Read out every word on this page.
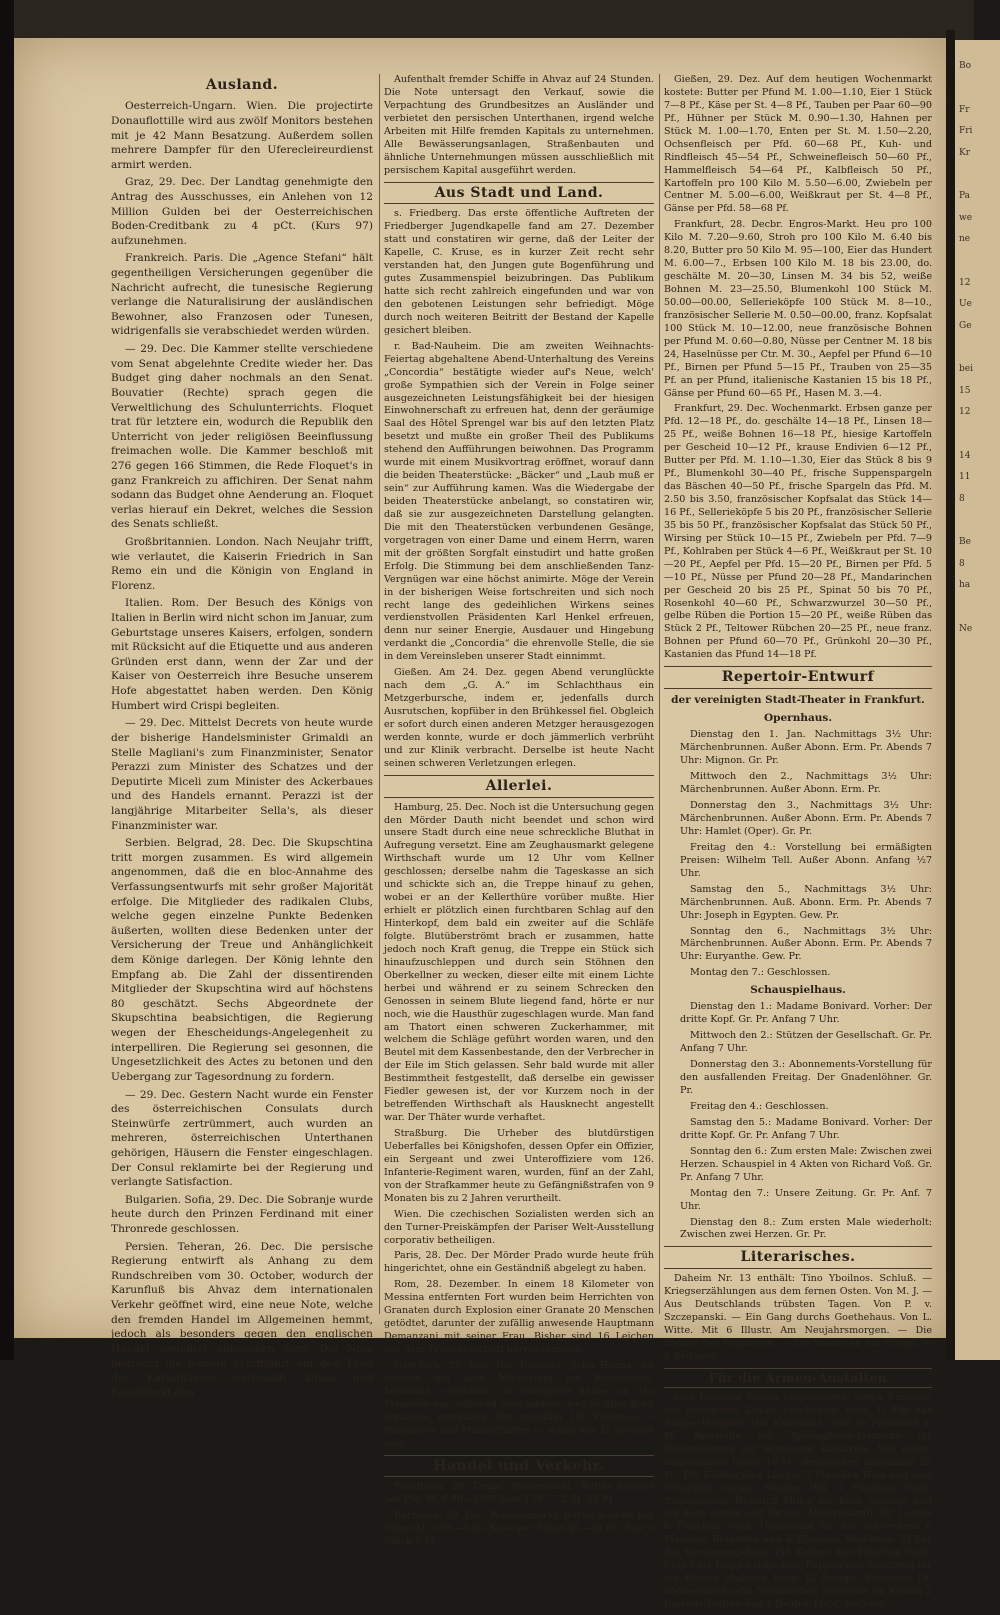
Bo
Fr
Fri
Kr
Pa
we
ne
12
Ue
Ge
bei
15
12
14
11
8
Be
8
ha
Ne
Ausland.

Oesterreich-Ungarn. Wien. Die projectirte Donauflottille wird aus zwölf Monitors bestehen mit je 42 Mann Besatzung. Außerdem sollen mehrere Dampfer für den Uferecleireurdienst armirt werden.

Graz, 29. Dec. Der Landtag genehmigte den Antrag des Ausschusses, ein Anlehen von 12 Million Gulden bei der Oesterreichischen Boden-Creditbank zu 4 pCt. (Kurs 97) aufzunehmen.

Frankreich. Paris. Die „Agence Stefani“ hält gegentheiligen Versicherungen gegenüber die Nachricht aufrecht, die tunesische Regierung verlange die Naturalisirung der ausländischen Bewohner, also Franzosen oder Tunesen, widrigenfalls sie verabschiedet werden würden.

— 29. Dec. Die Kammer stellte verschiedene vom Senat abgelehnte Credite wieder her. Das Budget ging daher nochmals an den Senat. Bouvatier (Rechte) sprach gegen die Verweltlichung des Schulunterrichts. Floquet trat für letztere ein, wodurch die Republik den Unterricht von jeder religiösen Beeinflussung freimachen wolle. Die Kammer beschloß mit 276 gegen 166 Stimmen, die Rede Floquet's in ganz Frankreich zu affichiren. Der Senat nahm sodann das Budget ohne Aenderung an. Floquet verlas hierauf ein Dekret, welches die Session des Senats schließt.

Großbritannien. London. Nach Neujahr trifft, wie verlautet, die Kaiserin Friedrich in San Remo ein und die Königin von England in Florenz.

Italien. Rom. Der Besuch des Königs von Italien in Berlin wird nicht schon im Januar, zum Geburtstage unseres Kaisers, erfolgen, sondern mit Rücksicht auf die Etiquette und aus anderen Gründen erst dann, wenn der Zar und der Kaiser von Oesterreich ihre Besuche unserem Hofe abgestattet haben werden. Den König Humbert wird Crispi begleiten.

— 29. Dec. Mittelst Decrets von heute wurde der bisherige Handelsminister Grimaldi an Stelle Magliani's zum Finanzminister, Senator Perazzi zum Minister des Schatzes und der Deputirte Miceli zum Minister des Ackerbaues und des Handels ernannt. Perazzi ist der langjährige Mitarbeiter Sella's, als dieser Finanzminister war.

Serbien. Belgrad, 28. Dec. Die Skupschtina tritt morgen zusammen. Es wird allgemein angenommen, daß die en bloc-Annahme des Verfassungsentwurfs mit sehr großer Majorität erfolge. Die Mitglieder des radikalen Clubs, welche gegen einzelne Punkte Bedenken äußerten, wollten diese Bedenken unter der Versicherung der Treue und Anhänglichkeit dem Könige darlegen. Der König lehnte den Empfang ab. Die Zahl der dissentirenden Mitglieder der Skupschtina wird auf höchstens 80 geschätzt. Sechs Abgeordnete der Skupschtina beabsichtigen, die Regierung wegen der Ehescheidungs-Angelegenheit zu interpelliren. Die Regierung sei gesonnen, die Ungesetzlichkeit des Actes zu betonen und den Uebergang zur Tagesordnung zu fordern.

— 29. Dec. Gestern Nacht wurde ein Fenster des österreichischen Consulats durch Steinwürfe zertrümmert, auch wurden an mehreren, österreichischen Unterthanen gehörigen, Häusern die Fenster eingeschlagen. Der Consul reklamirte bei der Regierung und verlangte Satisfaction.

Bulgarien. Sofia, 29. Dec. Die Sobranje wurde heute durch den Prinzen Ferdinand mit einer Thronrede geschlossen.

Persien. Teheran, 26. Dec. Die persische Regierung entwirft als Anhang zu dem Rundschreiben vom 30. October, wodurch der Karunfluß bis Ahvaz dem internationalen Verkehr geöffnet wird, eine neue Note, welche den fremden Handel im Allgemeinen hemmt, jedoch als besonders gegen den englischen Handel gerichtet angesehen wird. Die Note begrenzt die fremde Schifffahrt auf den Theil des Karunflusses unterhalb Ahvaz und beschränkt den

Aufenthalt fremder Schiffe in Ahvaz auf 24 Stunden. Die Note untersagt den Verkauf, sowie die Verpachtung des Grundbesitzes an Ausländer und verbietet den persischen Unterthanen, irgend welche Arbeiten mit Hilfe fremden Kapitals zu unternehmen. Alle Bewässerungsanlagen, Straßenbauten und ähnliche Unternehmungen müssen ausschließlich mit persischem Kapital ausgeführt werden.

Aus Stadt und Land.

s. Friedberg. Das erste öffentliche Auftreten der Friedberger Jugendkapelle fand am 27. Dezember statt und constatiren wir gerne, daß der Leiter der Kapelle, C. Kruse, es in kurzer Zeit recht sehr verstanden hat, den Jungen gute Bogenführung und gutes Zusammenspiel beizubringen. Das Publikum hatte sich recht zahlreich eingefunden und war von den gebotenen Leistungen sehr befriedigt. Möge durch noch weiteren Beitritt der Bestand der Kapelle gesichert bleiben.

r. Bad-Nauheim. Die am zweiten Weihnachts-Feiertag abgehaltene Abend-Unterhaltung des Vereins „Concordia“ bestätigte wieder auf's Neue, welch' große Sympathien sich der Verein in Folge seiner ausgezeichneten Leistungsfähigkeit bei der hiesigen Einwohnerschaft zu erfreuen hat, denn der geräumige Saal des Hôtel Sprengel war bis auf den letzten Platz besetzt und mußte ein großer Theil des Publikums stehend den Aufführungen beiwohnen. Das Programm wurde mit einem Musikvortrag eröffnet, worauf dann die beiden Theaterstücke: „Bäcker“ und „Laub muß er sein“ zur Aufführung kamen. Was die Wiedergabe der beiden Theaterstücke anbelangt, so constatiren wir, daß sie zur ausgezeichneten Darstellung gelangten. Die mit den Theaterstücken verbundenen Gesänge, vorgetragen von einer Dame und einem Herrn, waren mit der größten Sorgfalt einstudirt und hatte großen Erfolg. Die Stimmung bei dem anschließenden Tanz-Vergnügen war eine höchst animirte. Möge der Verein in der bisherigen Weise fortschreiten und sich noch recht lange des gedeihlichen Wirkens seines verdienstvollen Präsidenten Karl Henkel erfreuen, denn nur seiner Energie, Ausdauer und Hingebung verdankt die „Concordia“ die ehrenvolle Stelle, die sie in dem Vereinsleben unserer Stadt einnimmt.

Gießen. Am 24. Dez. gegen Abend verunglückte nach dem „G. A.“ im Schlachthaus ein Metzgerbursche, indem er, jedenfalls durch Ausrutschen, kopfüber in den Brühkessel fiel. Obgleich er sofort durch einen anderen Metzger herausgezogen werden konnte, wurde er doch jämmerlich verbrüht und zur Klinik verbracht. Derselbe ist heute Nacht seinen schweren Verletzungen erlegen.

Allerlei.

Hamburg, 25. Dec. Noch ist die Untersuchung gegen den Mörder Dauth nicht beendet und schon wird unsere Stadt durch eine neue schreckliche Bluthat in Aufregung versetzt. Eine am Zeughausmarkt gelegene Wirthschaft wurde um 12 Uhr vom Kellner geschlossen; derselbe nahm die Tageskasse an sich und schickte sich an, die Treppe hinauf zu gehen, wobei er an der Kellerthüre vorüber mußte. Hier erhielt er plötzlich einen furchtbaren Schlag auf den Hinterkopf, dem bald ein zweiter auf die Schläfe folgte. Blutüberströmt brach er zusammen, hatte jedoch noch Kraft genug, die Treppe ein Stück sich hinaufzuschleppen und durch sein Stöhnen den Oberkellner zu wecken, dieser eilte mit einem Lichte herbei und während er zu seinem Schrecken den Genossen in seinem Blute liegend fand, hörte er nur noch, wie die Hausthür zugeschlagen wurde. Man fand am Thatort einen schweren Zuckerhammer, mit welchem die Schläge geführt worden waren, und den Beutel mit dem Kassenbestande, den der Verbrecher in der Eile im Stich gelassen. Sehr bald wurde mit aller Bestimmtheit festgestellt, daß derselbe ein gewisser Fiedler gewesen ist, der vor Kurzem noch in der betreffenden Wirthschaft als Hausknecht angestellt war. Der Thäter wurde verhaftet.

Straßburg. Die Urheber des blutdürstigen Ueberfalles bei Königshofen, dessen Opfer ein Offizier, ein Sergeant und zwei Unteroffiziere vom 126. Infanterie-Regiment waren, wurden, fünf an der Zahl, von der Strafkammer heute zu Gefängnißstrafen von 9 Monaten bis zu 2 Jahren verurtheilt.

Wien. Die czechischen Sozialisten werden sich an den Turner-Preiskämpfen der Pariser Welt-Ausstellung corporativ betheiligen.

Paris, 28. Dec. Der Mörder Prado wurde heute früh hingerichtet, ohne ein Geständniß abgelegt zu haben.

Rom, 28. Dezember. In einem 18 Kilometer von Messina entfernten Fort wurden beim Herrichten von Granaten durch Explosion einer Granate 20 Menschen getödtet, darunter der zufällig anwesende Hauptmann Demanzani mit seiner Frau. Bisher sind 16 Leichen aus dem Trümmerschutt hervorgezogen.

New-York, 25. Dec. Der Dampfer „John Hanna“ ist gestern auf dem Mississippi bei Plaquemins, Louisiana, verbrannt. 30 Passagiere kamen in den Flammen um, während viele andere, welche über Bord sprangen, ertranken. Von ungefähr 100 Personen — Passagiere und Mannschaften — sollen nur 12 gerettet sein.

Handel und Verkehr.

Friedberg, 29. Dezbr. Buttermarkt. Butter kostete per Pfd. M. 0.90—1.00. Eier 1 St. 7, 2 St. 15 Pf.

Butzbach, 29. Dec. Wochenmarkt. Butter kostete per Pfund M. 1.05—0.00, Käse per Pfund 45—46 Pf., Eier 1 Stück 7 Pf.

Gießen, 29. Dez. Auf dem heutigen Wochenmarkt kostete: Butter per Pfund M. 1.00—1.10, Eier 1 Stück 7—8 Pf., Käse per St. 4—8 Pf., Tauben per Paar 60—90 Pf., Hühner per Stück M. 0.90—1.30, Hahnen per Stück M. 1.00—1.70, Enten per St. M. 1.50—2.20, Ochsenfleisch per Pfd. 60—68 Pf., Kuh- und Rindfleisch 45—54 Pf., Schweinefleisch 50—60 Pf., Hammelfleisch 54—64 Pf., Kalbfleisch 50 Pf., Kartoffeln pro 100 Kilo M. 5.50—6.00, Zwiebeln per Centner M. 5.00—6.00, Weißkraut per St. 4—8 Pf., Gänse per Pfd. 58—68 Pf.

Frankfurt, 28. Decbr. Engros-Markt. Heu pro 100 Kilo M. 7.20—9.60, Stroh pro 100 Kilo M. 6.40 bis 8.20, Butter pro 50 Kilo M. 95—100, Eier das Hundert M. 6.00—7., Erbsen 100 Kilo M. 18 bis 23.00, do. geschälte M. 20—30, Linsen M. 34 bis 52, weiße Bohnen M. 23—25.50, Blumenkohl 100 Stück M. 50.00—00.00, Sellerieköpfe 100 Stück M. 8—10., französischer Sellerie M. 0.50—00.00, franz. Kopfsalat 100 Stück M. 10—12.00, neue französische Bohnen per Pfund M. 0.60—0.80, Nüsse per Centner M. 18 bis 24, Haselnüsse per Ctr. M. 30., Aepfel per Pfund 6—10 Pf., Birnen per Pfund 5—15 Pf., Trauben von 25—35 Pf. an per Pfund, italienische Kastanien 15 bis 18 Pf., Gänse per Pfund 60—65 Pf., Hasen M. 3.—4.

Frankfurt, 29. Dec. Wochenmarkt. Erbsen ganze per Pfd. 12—18 Pf., do. geschälte 14—18 Pf., Linsen 18—25 Pf., weiße Bohnen 16—18 Pf., hiesige Kartoffeln per Gescheid 10—12 Pf., krause Endivien 6—12 Pf., Butter per Pfd. M. 1.10—1.30, Eier das Stück 8 bis 9 Pf., Blumenkohl 30—40 Pf., frische Suppenspargeln das Bäschen 40—50 Pf., frische Spargeln das Pfd. M. 2.50 bis 3.50, französischer Kopfsalat das Stück 14—16 Pf., Sellerieköpfe 5 bis 20 Pf., französischer Sellerie 35 bis 50 Pf., französischer Kopfsalat das Stück 50 Pf., Wirsing per Stück 10—15 Pf., Zwiebeln per Pfd. 7—9 Pf., Kohlraben per Stück 4—6 Pf., Weißkraut per St. 10—20 Pf., Aepfel per Pfd. 15—20 Pf., Birnen per Pfd. 5—10 Pf., Nüsse per Pfund 20—28 Pf., Mandarinchen per Gescheid 20 bis 25 Pf., Spinat 50 bis 70 Pf., Rosenkohl 40—60 Pf., Schwarzwurzel 30—50 Pf., gelbe Rüben die Portion 15—20 Pf., weiße Rüben das Stück 2 Pf., Teltower Rübchen 20—25 Pf., neue franz. Bohnen per Pfund 60—70 Pf., Grünkohl 20—30 Pf., Kastanien das Pfund 14—18 Pf.

Repertoir-Entwurf
der vereinigten Stadt-Theater in Frankfurt.
Opernhaus.

Dienstag den 1. Jan. Nachmittags 3½ Uhr: Märchenbrunnen. Außer Abonn. Erm. Pr. Abends 7 Uhr: Mignon. Gr. Pr.

Mittwoch den 2., Nachmittags 3½ Uhr: Märchenbrunnen. Außer Abonn. Erm. Pr.

Donnerstag den 3., Nachmittags 3½ Uhr: Märchenbrunnen. Außer Abonn. Erm. Pr. Abends 7 Uhr: Hamlet (Oper). Gr. Pr.

Freitag den 4.: Vorstellung bei ermäßigten Preisen: Wilhelm Tell. Außer Abonn. Anfang ½7 Uhr.

Samstag den 5., Nachmittags 3½ Uhr: Märchenbrunnen. Auß. Abonn. Erm. Pr. Abends 7 Uhr: Joseph in Egypten. Gew. Pr.

Sonntag den 6., Nachmittags 3½ Uhr: Märchenbrunnen. Außer Abonn. Erm. Pr. Abends 7 Uhr: Euryanthe. Gew. Pr.

Montag den 7.: Geschlossen.

Schauspielhaus.

Dienstag den 1.: Madame Bonivard. Vorher: Der dritte Kopf. Gr. Pr. Anfang 7 Uhr.

Mittwoch den 2.: Stützen der Gesellschaft. Gr. Pr. Anfang 7 Uhr.

Donnerstag den 3.: Abonnements-Vorstellung für den ausfallenden Freitag. Der Gnadenlöhner. Gr. Pr.

Freitag den 4.: Geschlossen.

Samstag den 5.: Madame Bonivard. Vorher: Der dritte Kopf. Gr. Pr. Anfang 7 Uhr.

Sonntag den 6.: Zum ersten Male: Zwischen zwei Herzen. Schauspiel in 4 Akten von Richard Voß. Gr. Pr. Anfang 7 Uhr.

Montag den 7.: Unsere Zeitung. Gr. Pr. Anf. 7 Uhr.

Dienstag den 8.: Zum ersten Male wiederholt: Zwischen zwei Herzen. Gr. Pr.

Literarisches.

Daheim Nr. 13 enthält: Tino Yboilnos. Schluß. — Kriegserzählungen aus dem fernen Osten. Von M. J. — Aus Deutschlands trübsten Tagen. Von P. v. Szczepanski. — Ein Gang durchs Goethehaus. Von L. Witte. Mit 6 Illustr. Am Neujahrsmorgen. — Die Weiber des Propheten. — Die Walachen am Olymp. — 2 Beilagen.

Für die Armen-Anstalten

sind folgende Gaben eingegangen, deren Empfang mit herzlichem Danke bescheinigt wird. 1) Für das Bürger-Hospital: Von Kaufmann Groß in Frankfurt a. M. Bettstelle mit Sprungfeder-Matratze für Dienstleistung der Schwester Katharine. Von einem ungenannten Geber 10 M., desgleichen ungenannt 25 M., Frl. Kellner eine Lampe, 3 Flaschen Wein und eine Schachtel Cacao, Rentier Hill 3 Flaschen Wein, Zimmermann Heinrich Füller ein Korb Gemüse und ein Korb Aepfel und Birnen, Medizinalrath Dr. Lorenz 6 Flaschen Wein, Ungenannt für die Schwestern 6 Flaschen Rothwein und 6 Flaschen Weißwein. 2) Für das Versorgungshaus: Frl. Kellner drei Flaschen Wein, Frau Carl Trapp Lebkuchen, Puppen und Spielzeug für die Kinder, Stallrath Koob 12 Schlips, Professor Dr. Weissenbach zehn Notizbücher, Professor Dr. Köstlin 2 Jugendschriften und 1 Deldruckbild, Rechner
